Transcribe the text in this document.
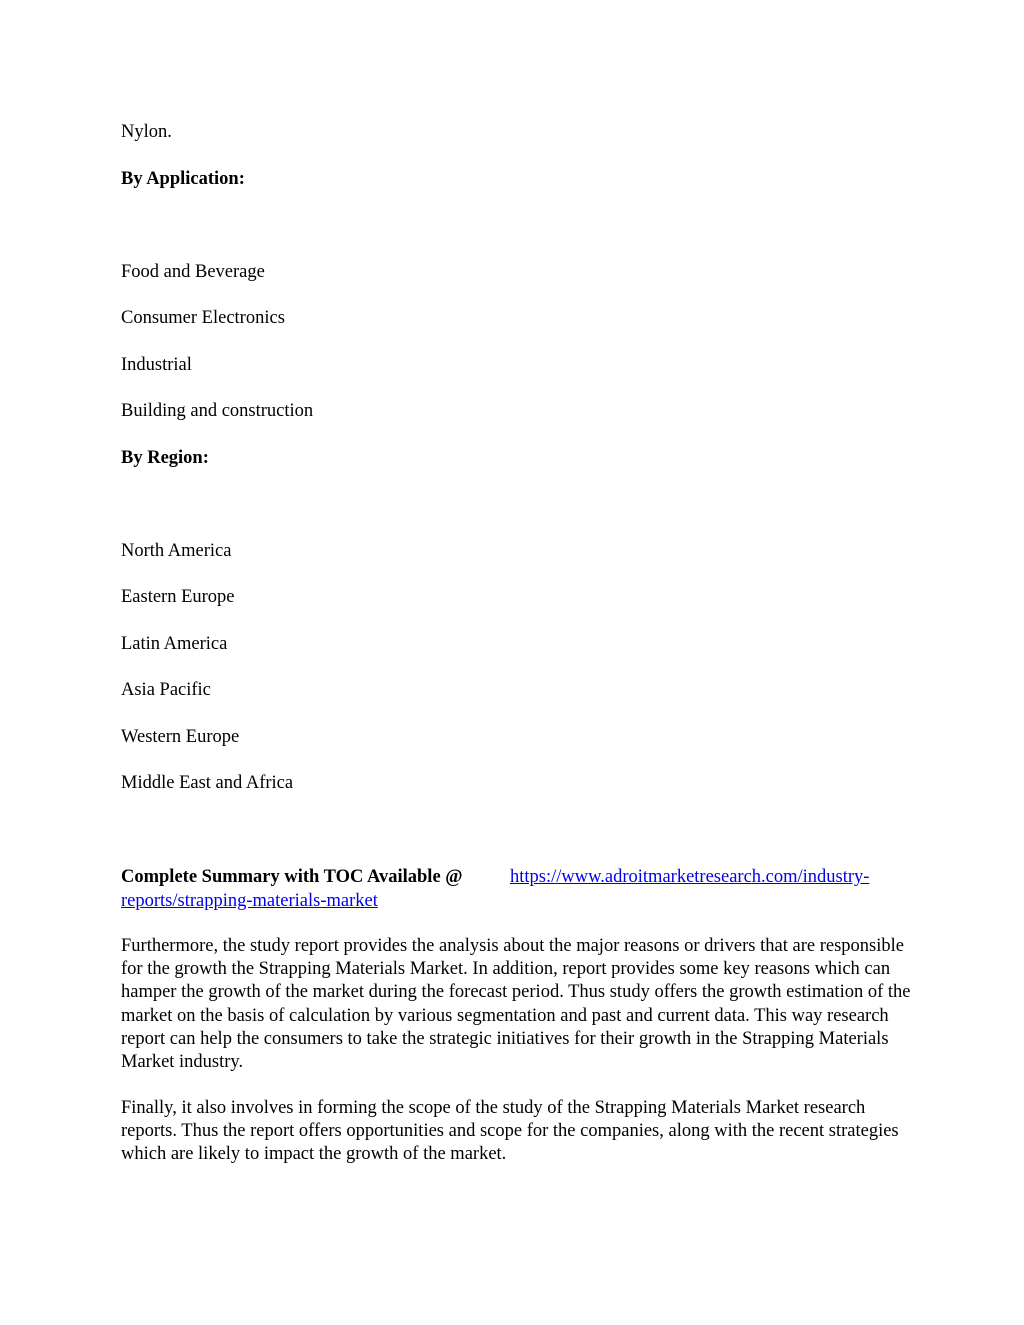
Nylon.
By Application:
Food and Beverage
Consumer Electronics
Industrial
Building and construction
By Region:
North America
Eastern Europe
Latin America
Asia Pacific
Western Europe
Middle East and Africa
Complete Summary with TOC Available @	https://www.adroitmarketresearch.com/industry-
reports/strapping-materials-market

Furthermore, the study report provides the analysis about the major reasons or drivers that are responsible for the growth the Strapping Materials Market. In addition, report provides some key reasons which can hamper the growth of the market during the forecast period. Thus study offers the growth estimation of the market on the basis of calculation by various segmentation and past and current data. This way research report can help the consumers to take the strategic initiatives for their growth in the Strapping Materials Market industry.

Finally, it also involves in forming the scope of the study of the Strapping Materials Market research reports. Thus the report offers opportunities and scope for the companies, along with the recent strategies which are likely to impact the growth of the market.
